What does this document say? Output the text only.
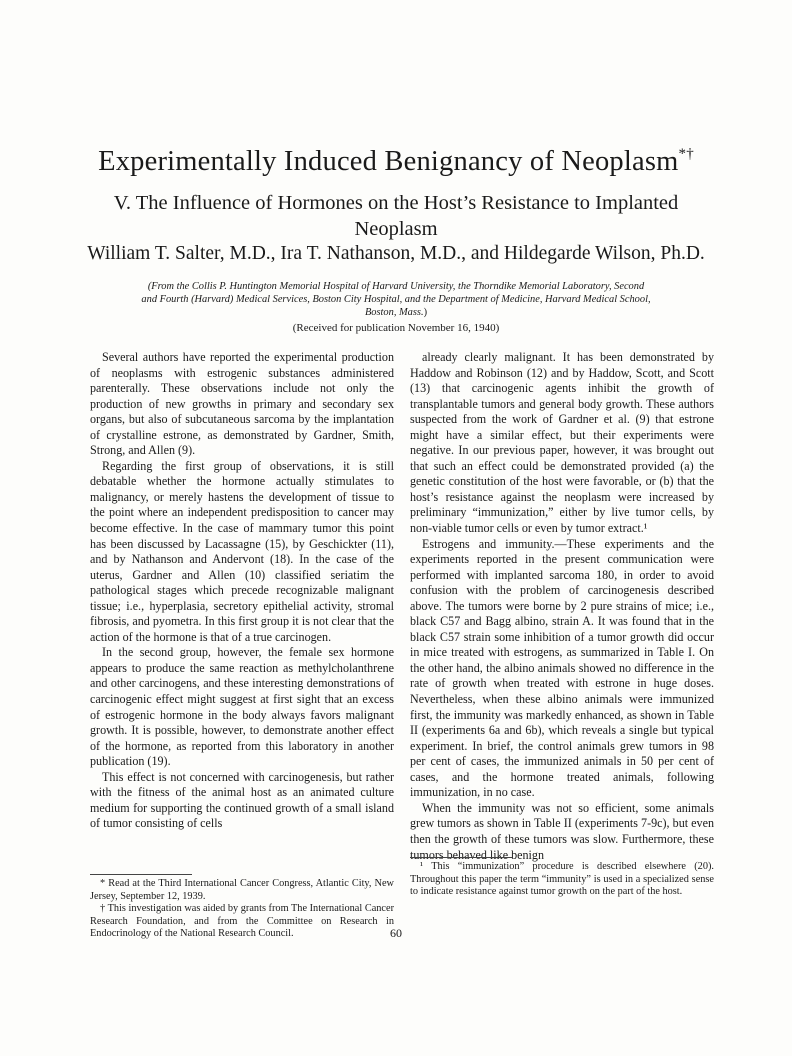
Experimentally Induced Benignancy of Neoplasm*†
V. The Influence of Hormones on the Host’s Resistance to Implanted Neoplasm
William T. Salter, M.D., Ira T. Nathanson, M.D., and Hildegarde Wilson, Ph.D.
(From the Collis P. Huntington Memorial Hospital of Harvard University, the Thorndike Memorial Laboratory, Second and Fourth (Harvard) Medical Services, Boston City Hospital, and the Department of Medicine, Harvard Medical School, Boston, Mass.)
(Received for publication November 16, 1940)

Several authors have reported the experimental production of neoplasms with estrogenic substances administered parenterally. These observations include not only the production of new growths in primary and secondary sex organs, but also of subcutaneous sarcoma by the implantation of crystalline estrone, as demonstrated by Gardner, Smith, Strong, and Allen (9).

Regarding the first group of observations, it is still debatable whether the hormone actually stimulates to malignancy, or merely hastens the development of tissue to the point where an independent predisposition to cancer may become effective. In the case of mammary tumor this point has been discussed by Lacassagne (15), by Geschickter (11), and by Nathanson and Andervont (18). In the case of the uterus, Gardner and Allen (10) classified seriatim the pathological stages which precede recognizable malignant tissue; i.e., hyperplasia, secretory epithelial activity, stromal fibrosis, and pyometra. In this first group it is not clear that the action of the hormone is that of a true carcinogen.

In the second group, however, the female sex hormone appears to produce the same reaction as methylcholanthrene and other carcinogens, and these interesting demonstrations of carcinogenic effect might suggest at first sight that an excess of estrogenic hormone in the body always favors malignant growth. It is possible, however, to demonstrate another effect of the hormone, as reported from this laboratory in another publication (19).

This effect is not concerned with carcinogenesis, but rather with the fitness of the animal host as an animated culture medium for supporting the continued growth of a small island of tumor consisting of cells

already clearly malignant. It has been demonstrated by Haddow and Robinson (12) and by Haddow, Scott, and Scott (13) that carcinogenic agents inhibit the growth of transplantable tumors and general body growth. These authors suspected from the work of Gardner et al. (9) that estrone might have a similar effect, but their experiments were negative. In our previous paper, however, it was brought out that such an effect could be demonstrated provided (a) the genetic constitution of the host were favorable, or (b) that the host’s resistance against the neoplasm were increased by preliminary “immunization,” either by live tumor cells, by non-viable tumor cells or even by tumor extract.¹

Estrogens and immunity.—These experiments and the experiments reported in the present communication were performed with implanted sarcoma 180, in order to avoid confusion with the problem of carcinogenesis described above. The tumors were borne by 2 pure strains of mice; i.e., black C57 and Bagg albino, strain A. It was found that in the black C57 strain some inhibition of a tumor growth did occur in mice treated with estrogens, as summarized in Table I. On the other hand, the albino animals showed no difference in the rate of growth when treated with estrone in huge doses. Nevertheless, when these albino animals were immunized first, the immunity was markedly enhanced, as shown in Table II (experiments 6a and 6b), which reveals a single but typical experiment. In brief, the control animals grew tumors in 98 per cent of cases, the immunized animals in 50 per cent of cases, and the hormone treated animals, following immunization, in no case.

When the immunity was not so efficient, some animals grew tumors as shown in Table II (experiments 7-9c), but even then the growth of these tumors was slow. Furthermore, these tumors behaved like benign

* Read at the Third International Cancer Congress, Atlantic City, New Jersey, September 12, 1939.

† This investigation was aided by grants from The International Cancer Research Foundation, and from the Committee on Research in Endocrinology of the National Research Council.

¹ This “immunization” procedure is described elsewhere (20). Throughout this paper the term “immunity” is used in a specialized sense to indicate resistance against tumor growth on the part of the host.

60
